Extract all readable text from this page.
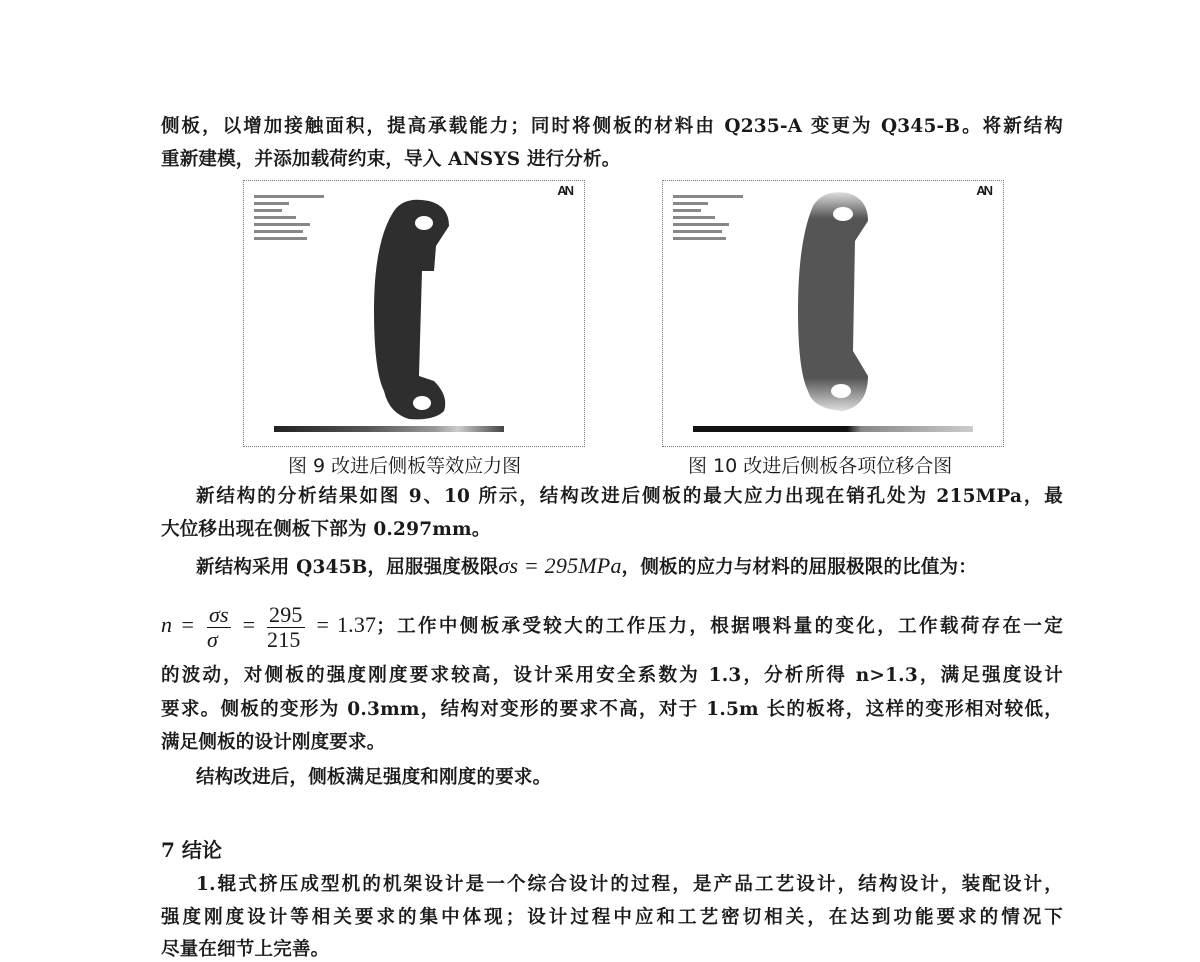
侧板，以增加接触面积，提高承载能力；同时将侧板的材料由 Q235-A 变更为 Q345-B。将新结构
重新建模，并添加载荷约束，导入 ANSYS 进行分析。
AN
图 9 改进后侧板等效应力图
AN
图 10 改进后侧板各项位移合图
新结构的分析结果如图 9、10 所示，结构改进后侧板的最大应力出现在销孔处为 215MPa，最
大位移出现在侧板下部为 0.297mm。
新结构采用 Q345B，屈服强度极限σs = 295MPa，侧板的应力与材料的屈服极限的比值为：
$n = \frac{\sigma s}{\sigma} = \frac{295}{215} = 1.37$；工作中侧板承受较大的工作压力，根据喂料量的变化，工作载荷存在一定
的波动，对侧板的强度刚度要求较高，设计采用安全系数为 1.3，分析所得 n>1.3，满足强度设计
要求。侧板的变形为 0.3mm，结构对变形的要求不高，对于 1.5m 长的板将，这样的变形相对较低，
满足侧板的设计刚度要求。
结构改进后，侧板满足强度和刚度的要求。
7 结论
1.辊式挤压成型机的机架设计是一个综合设计的过程，是产品工艺设计，结构设计，装配设计，
强度刚度设计等相关要求的集中体现；设计过程中应和工艺密切相关，在达到功能要求的情况下
尽量在细节上完善。
